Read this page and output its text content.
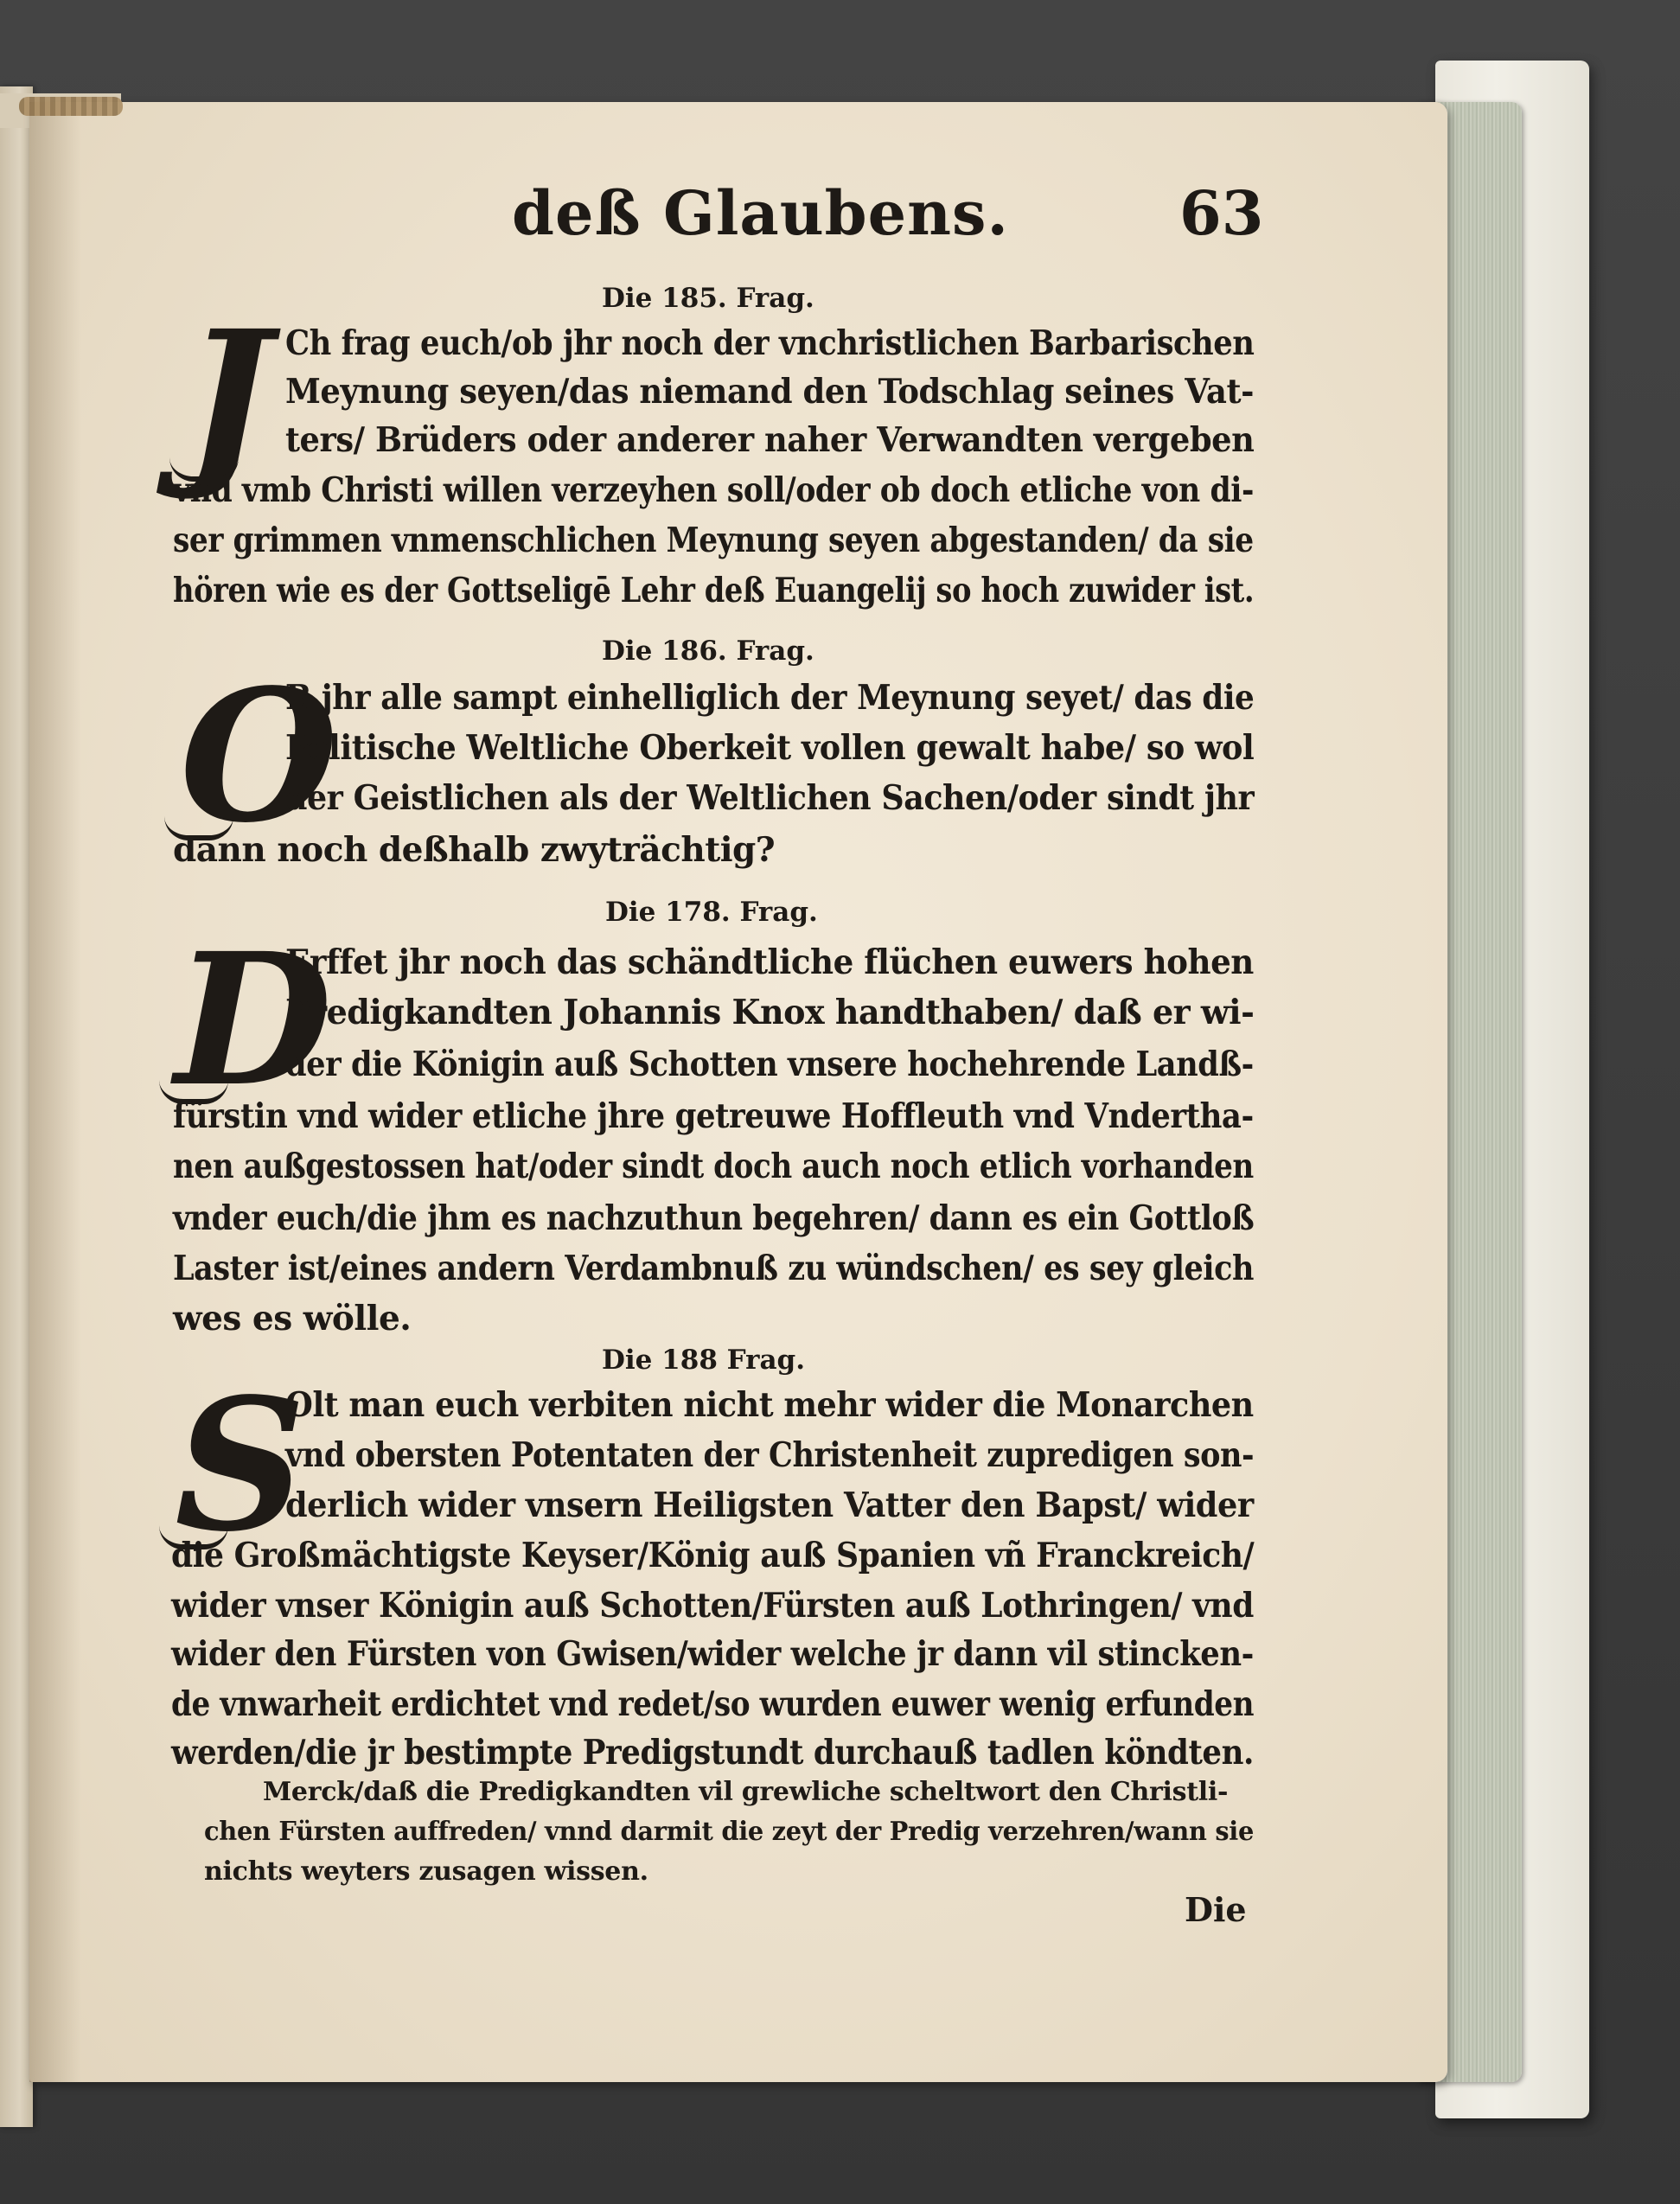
deß Glaubens.	63
Die 185. Frag.
J Ch frag euch/ob jhr noch der vnchristlichen Barbarischen
Meynung seyen/das niemand den Todschlag seines Vat-
ters/ Brüders oder anderer naher Verwandten vergeben
vnd vmb Christi willen verzeyhen soll/oder ob doch etliche von di-
ser grimmen vnmenschlichen Meynung seyen abgestanden/ da sie
hören wie es der Gottseligē Lehr deß Euangelij so hoch zuwider ist.
Die 186. Frag.
O
B jhr alle sampt einhelliglich der Meynung seyet/ das die
Politische Weltliche Oberkeit vollen gewalt habe/ so wol
der Geistlichen als der Weltlichen Sachen/oder sindt jhr
dann noch deßhalb zwyträchtig?
Die 178. Frag.
D
Erffet jhr noch das schändtliche flüchen euwers hohen
Predigkandten Johannis Knox handthaben/ daß er wi-
der die Königin auß Schotten vnsere hochehrende Landß-
fürstin vnd wider etliche jhre getreuwe Hoffleuth vnd Vndertha-
nen außgestossen hat/oder sindt doch auch noch etlich vorhanden
vnder euch/die jhm es nachzuthun begehren/ dann es ein Gottloß
Laster ist/eines andern Verdambnuß zu wündschen/ es sey gleich
wes es wölle.
Die 188 Frag.
S
Olt man euch verbiten nicht mehr wider die Monarchen
vnd obersten Potentaten der Christenheit zupredigen son-
derlich wider vnsern Heiligsten Vatter den Bapst/ wider
die Großmächtigste Keyser/König auß Spanien vñ Franckreich/
wider vnser Königin auß Schotten/Fürsten auß Lothringen/ vnd
wider den Fürsten von Gwisen/wider welche jr dann vil stincken-
de vnwarheit erdichtet vnd redet/so wurden euwer wenig erfunden
werden/die jr bestimpte Predigstundt durchauß tadlen köndten.
Merck/daß die Predigkandten vil grewliche scheltwort den Christli-
chen Fürsten auffreden/ vnnd darmit die zeyt der Predig verzehren/wann sie
nichts weyters zusagen wissen.
Die
